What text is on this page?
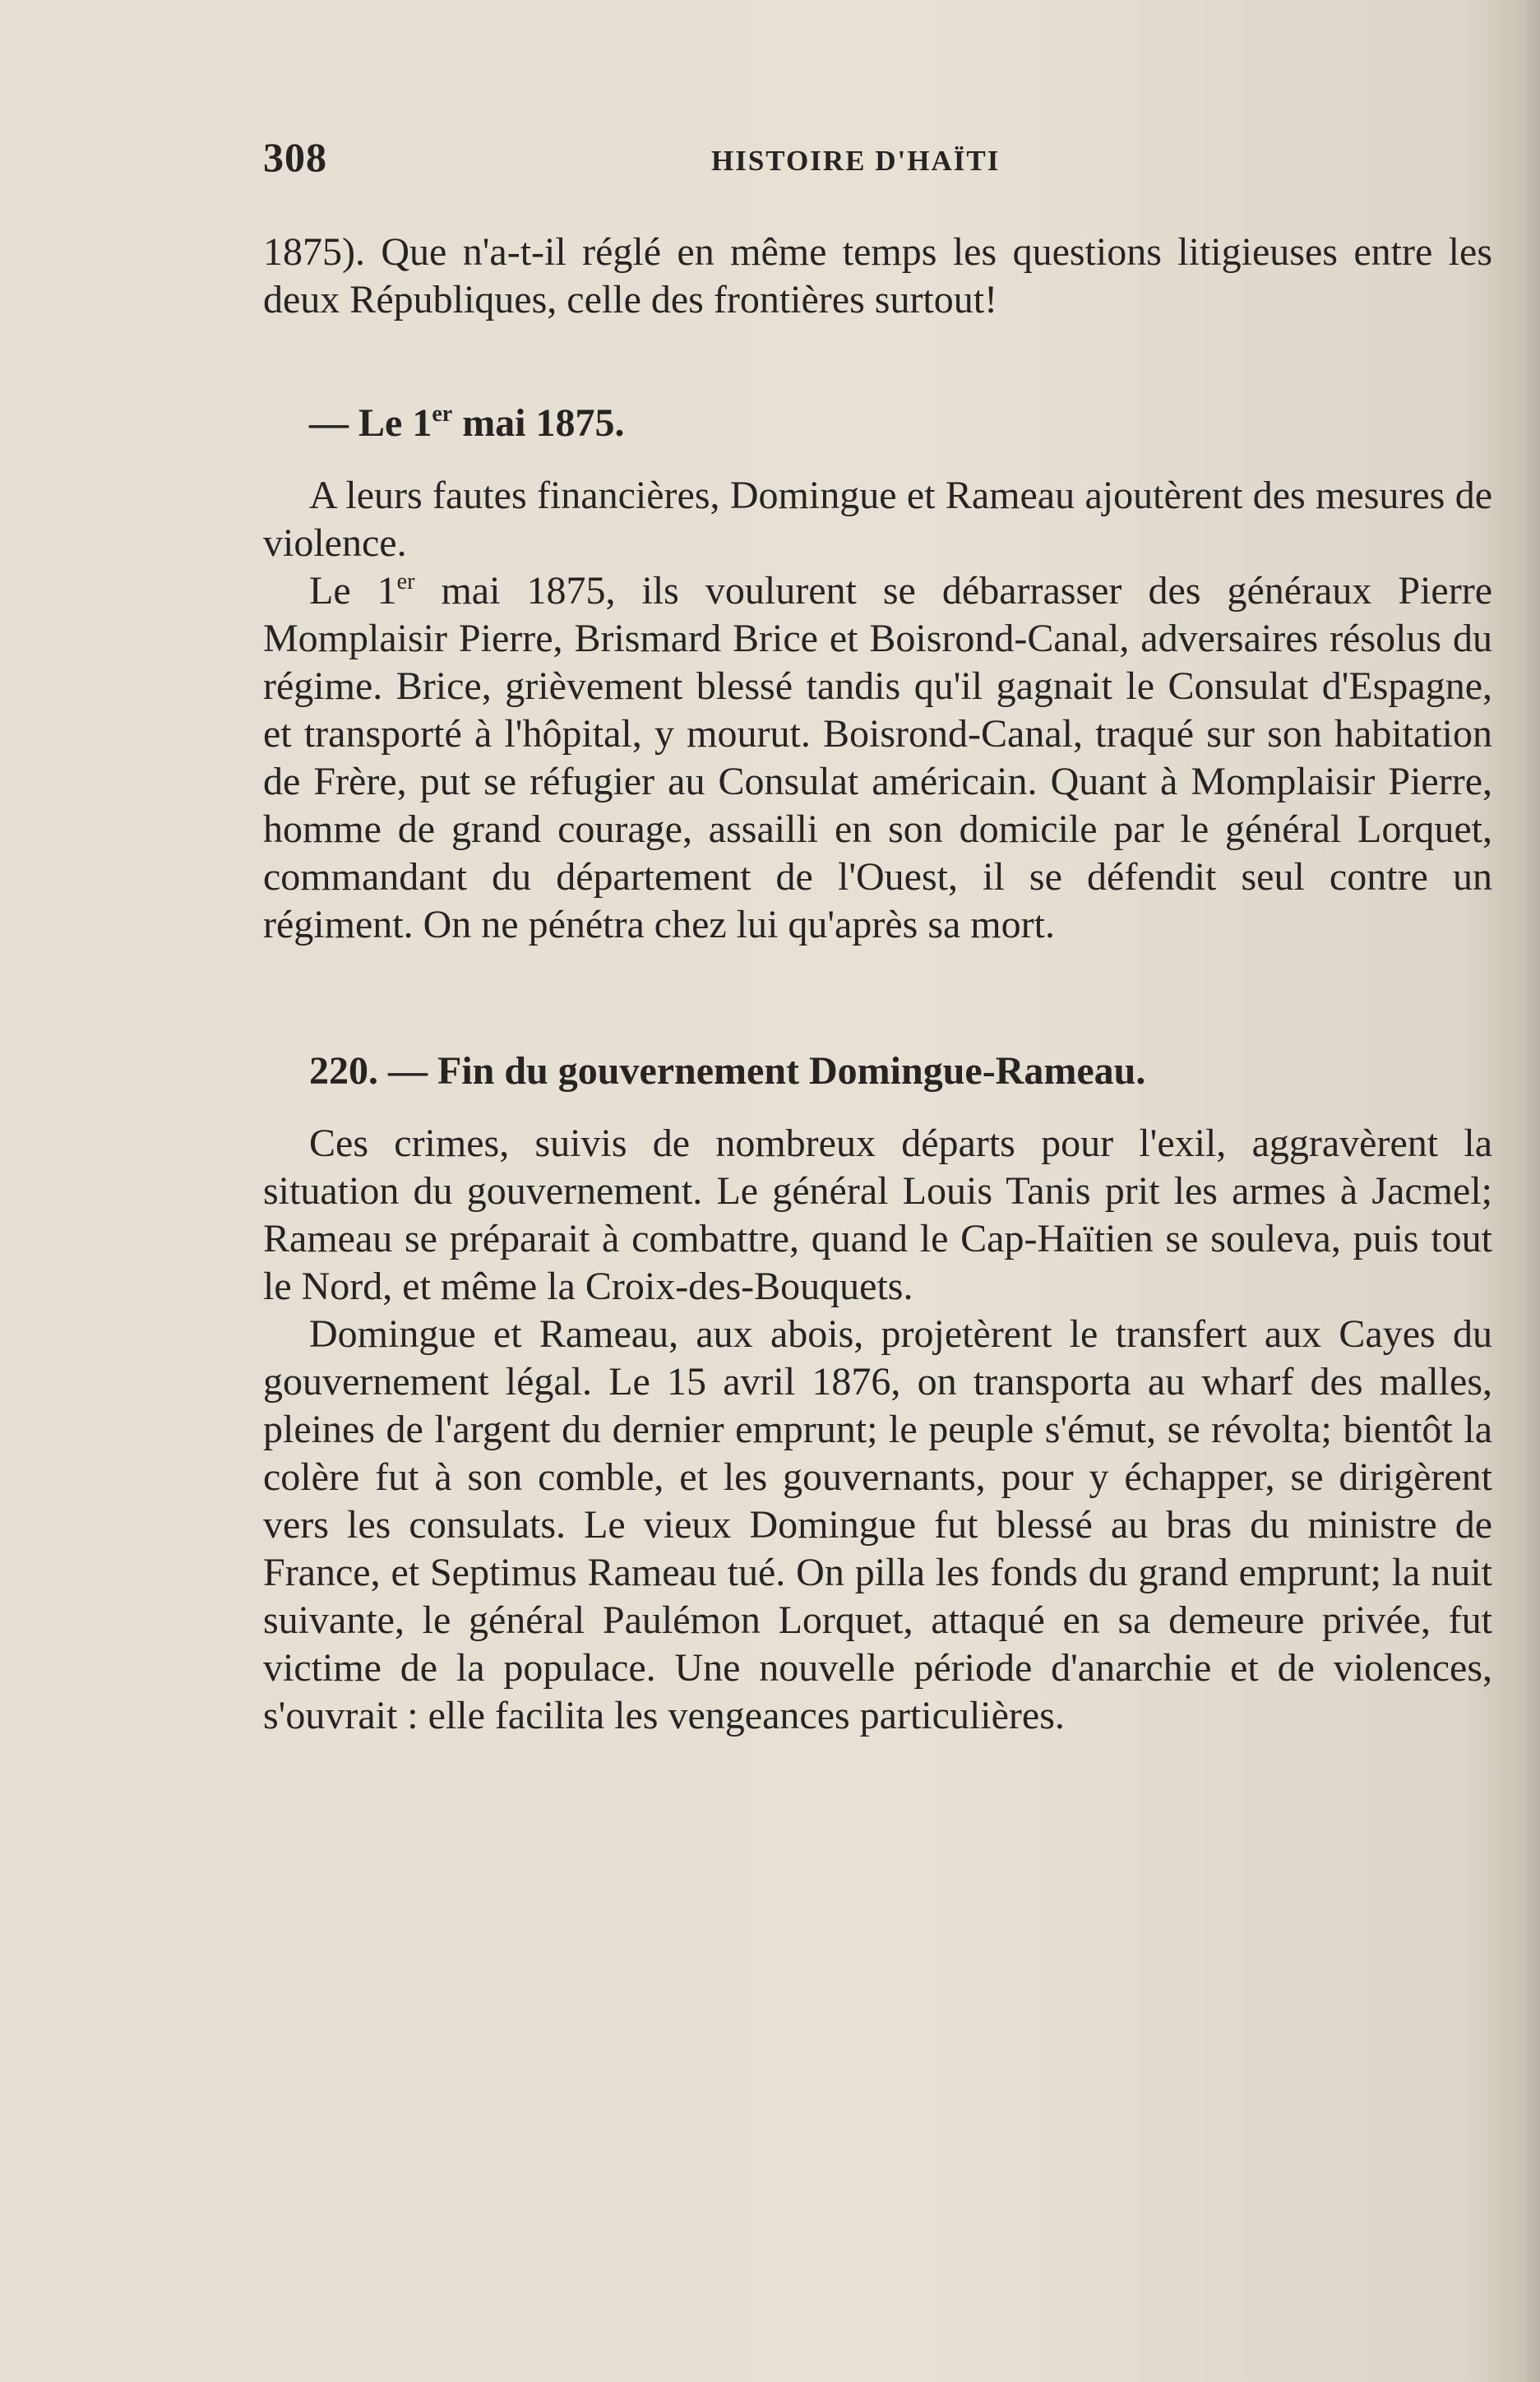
308	HISTOIRE D'HAÏTI

1875). Que n'a-t-il réglé en même temps les questions litigieuses entre les deux Républiques, celle des frontières surtout!

— Le 1er mai 1875.

A leurs fautes financières, Domingue et Rameau ajoutèrent des mesures de violence.

Le 1er mai 1875, ils voulurent se débarrasser des généraux Pierre Momplaisir Pierre, Brismard Brice et Boisrond-Canal, adversaires résolus du régime. Brice, grièvement blessé tandis qu'il gagnait le Consulat d'Espagne, et transporté à l'hôpital, y mourut. Boisrond-Canal, traqué sur son habitation de Frère, put se réfugier au Consulat américain. Quant à Momplaisir Pierre, homme de grand courage, assailli en son domicile par le général Lorquet, commandant du département de l'Ouest, il se défendit seul contre un régiment. On ne pénétra chez lui qu'après sa mort.

220. — Fin du gouvernement Domingue-Rameau.

Ces crimes, suivis de nombreux départs pour l'exil, aggravèrent la situation du gouvernement. Le général Louis Tanis prit les armes à Jacmel; Rameau se préparait à combattre, quand le Cap-Haïtien se souleva, puis tout le Nord, et même la Croix-des-Bouquets.

Domingue et Rameau, aux abois, projetèrent le transfert aux Cayes du gouvernement légal. Le 15 avril 1876, on transporta au wharf des malles, pleines de l'argent du dernier emprunt; le peuple s'émut, se révolta; bientôt la colère fut à son comble, et les gouvernants, pour y échapper, se dirigèrent vers les consulats. Le vieux Domingue fut blessé au bras du ministre de France, et Septimus Rameau tué. On pilla les fonds du grand emprunt; la nuit suivante, le général Paulémon Lorquet, attaqué en sa demeure privée, fut victime de la populace. Une nouvelle période d'anarchie et de violences, s'ouvrait : elle facilita les vengeances particulières.
